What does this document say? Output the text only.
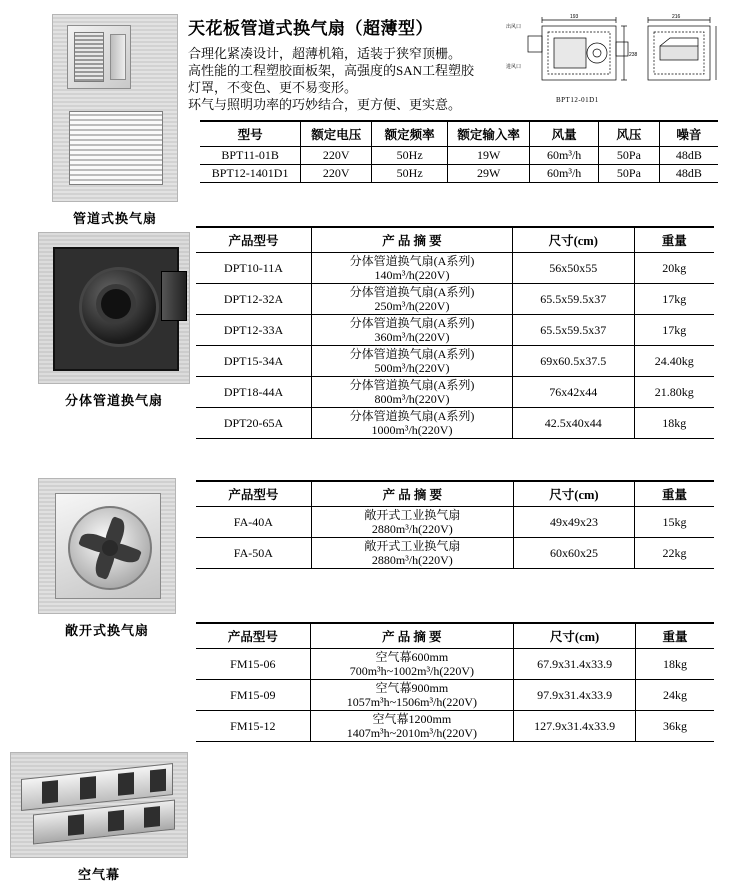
管道式换气扇
分体管道换气扇
敞开式换气扇
空气幕
天花板管道式换气扇（超薄型）
合理化紧凑设计，超薄机箱，适装于狭窄顶栅。
高性能的工程塑胶面板架，高强度的SAN工程塑胶
灯罩，不变色、更不易变形。
环气与照明功率的巧妙结合，更方便、更实意。
出风口
进风口
193
238
216
BPT12-01D1
型号	额定电压	额定频率	额定输入率	风量	风压	噪音
BPT11-01B	220V	50Hz	19W	60m³/h	50Pa	48dB
BPT12-1401D1	220V	50Hz	29W	60m³/h	50Pa	48dB
产品型号	产 品 摘 要	尺寸(cm)	重量
DPT10-11A	分体管道换气扇(A系列)
140m³/h(220V)	56x50x55	20kg
DPT12-32A	分体管道换气扇(A系列)
250m³/h(220V)	65.5x59.5x37	17kg
DPT12-33A	分体管道换气扇(A系列)
360m³/h(220V)	65.5x59.5x37	17kg
DPT15-34A	分体管道换气扇(A系列)
500m³/h(220V)	69x60.5x37.5	24.40kg
DPT18-44A	分体管道换气扇(A系列)
800m³/h(220V)	76x42x44	21.80kg
DPT20-65A	分体管道换气扇(A系列)
1000m³/h(220V)	42.5x40x44	18kg
产品型号	产 品 摘 要	尺寸(cm)	重量
FA-40A	敞开式工业换气扇
2880m³/h(220V)	49x49x23	15kg
FA-50A	敞开式工业换气扇
2880m³/h(220V)	60x60x25	22kg
产品型号	产 品 摘 要	尺寸(cm)	重量
FM15-06	空气幕600mm
700m³h~1002m³/h(220V)	67.9x31.4x33.9	18kg
FM15-09	空气幕900mm
1057m³h~1506m³/h(220V)	97.9x31.4x33.9	24kg
FM15-12	空气幕1200mm
1407m³h~2010m³/h(220V)	127.9x31.4x33.9	36kg
